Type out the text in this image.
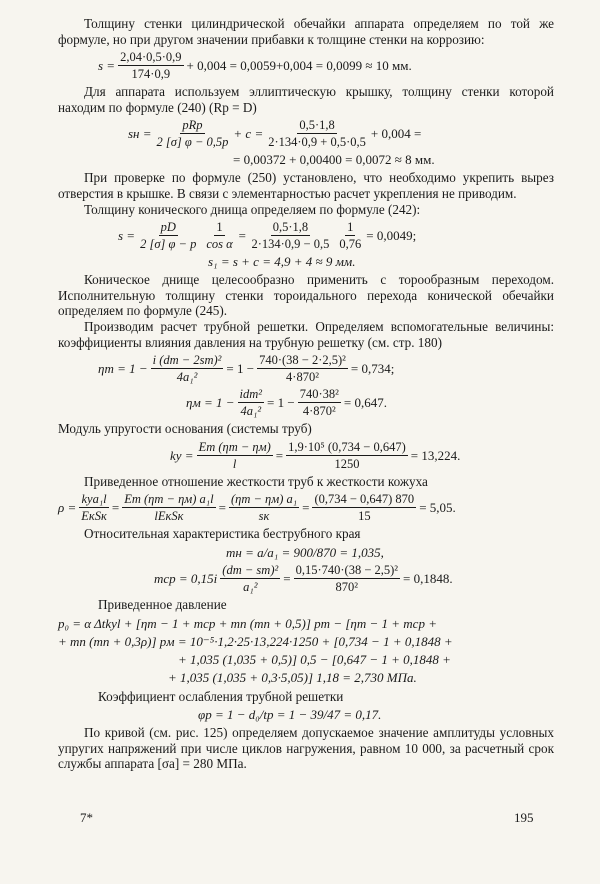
Толщину стенки цилиндрической обечайки аппарата определяем по той же формуле, но при другом значении прибавки к толщине стенки на коррозию:

$s = \frac{2,04\cdot 0,5\cdot 0,9}{174\cdot 0,9} + 0,004 = 0,0059+0,004 = 0,0099 \approx 10$ мм.

Для аппарата используем эллиптическую крышку, толщину стенки которой находим по формуле (240) (Rр = D)

sн = $\frac{\text{pRр}}{2 [\sigma] \varphi - 0,5p} + c = \frac{0,5\cdot 1,8}{2\cdot 134\cdot 0,9 + 0,5\cdot 0,5} + 0,004$ =
= 0,00372 + 0,00400 = 0,0072 ≈ 8 мм.

При проверке по формуле (250) установлено, что необходимо укрепить вырез отверстия в крышке. В связи с элементарностью расчет укрепления не приводим.

Толщину конического днища определяем по формуле (242):

$s = \frac{pD}{2 [\sigma] \varphi - p} \frac{1}{\text{cos α}} = \frac{0,5\cdot 1,8}{2\cdot 134\cdot 0,9 - 0,5} \frac{1}{0,76} = 0,0049$;
s₁ = s + c = 4,9 + 4 ≈ 9 мм.

Коническое днище целесообразно применить с торообразным переходом. Исполнительную толщину стенки тороидального перехода конической обечайки определяем по формуле (245).

Производим расчет трубной решетки. Определяем вспомогательные величины: коэффициенты влияния давления на трубную решетку (см. стр. 180)

$\eta т = 1 - \frac{\text{i (dт − 2sт)²}}{\text{4a₁²}} = 1 - \frac{\text{740·(38 − 2·2,5)²}}{\text{4·870²}} = 0,734$;
$\eta м = 1 - \frac{\text{idт²}}{\text{4a₁²}} = 1 - \frac{\text{740·38²}}{\text{4·870²}} = 0,647$.

Модуль упругости основания (системы труб)

ky = $\frac{Eт (\eta т - \eta м)}{l} = \frac{\text{1,9·10⁵ (0,734 − 0,647)}}{1250} = 13,224$.

Приведенное отношение жесткости труб к жесткости кожуха

$\rho = \frac{\text{kyа₁l}}{\text{EкSк}} = \frac{\text{Eт (ηт − ηм) a₁l}}{\text{lEкSк}} = \frac{\text{(ηт − ηм) a₁}}{sк} = \frac{(0,734 - 0,647) 870}{15} = 5,05$.

Относительная характеристика беструбного края

mн = a/a₁ = 900/870 = 1,035,
mср = $0,15i \frac{\text{(dт − sт)²}}{\text{a₁²}} = \frac{\text{0,15·740·(38 − 2,5)²}}{\text{870²}} = 0,1848$.

Приведенное давление

p₀ = α Δtkyl + [ηт − 1 + mср + mп (mп + 0,5)] pт − [ηm − 1 + mср +
+ mп (mп + 0,3ρ)] pм = 10⁻⁵·1,2·25·13,224·1250 + [0,734 − 1 + 0,1848 +
+ 1,035 (1,035 + 0,5)] 0,5 − [0,647 − 1 + 0,1848 +
+ 1,035 (1,035 + 0,3·5,05)] 1,18 = 2,730 МПа.

Коэффициент ослабления трубной решетки

φр = 1 − d₀/tр = 1 − 39/47 = 0,17.

По кривой (см. рис. 125) определяем допускаемое значение амплитуды условных упругих напряжений при числе циклов нагружения, равном 10 000, за расчетный срок службы аппарата [σa] = 280 МПа.

7*	195
